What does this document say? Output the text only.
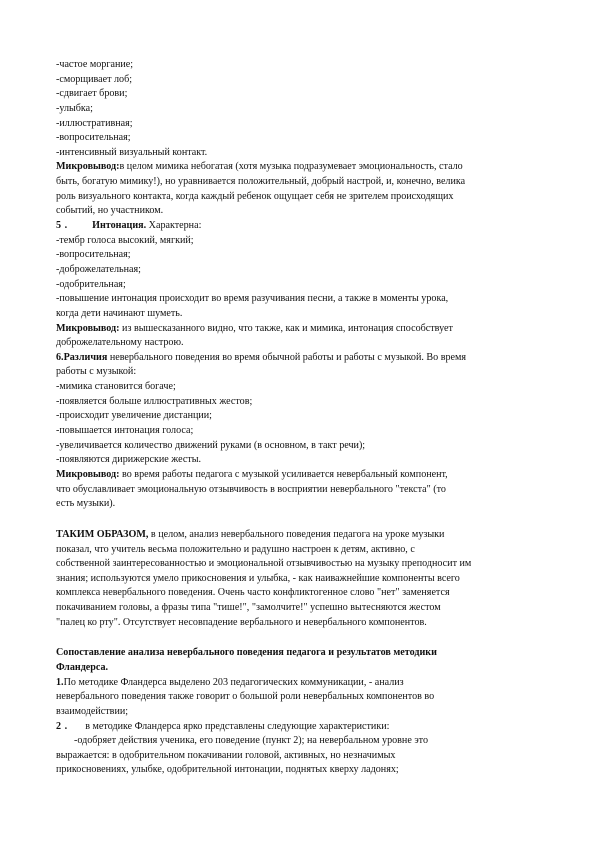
-частое моргание;
-сморщивает лоб;
-сдвигает брови;
-улыбка;
-иллюстративная;
-вопросительная;
-интенсивный визуальный контакт.
Микровывод:в целом мимика небогатая (хотя музыка подразумевает эмоциональность, стало
быть, богатую мимику!), но уравнивается положительный, добрый настрой, и, конечно, велика
роль визуального контакта, когда каждый ребенок ощущает себя не зрителем происходящих
событий, но участником.
5 . Интонация. Характерна:
-тембр голоса высокий, мягкий;
-вопросительная;
-доброжелательная;
-одобрительная;
-повышение интонация происходит во время разучивания песни, а также в моменты урока,
когда дети начинают шуметь.
Микровывод: из вышесказанного видно, что также, как и мимика, интонация способствует
доброжелательному настрою.
6.Различия невербального поведения во время обычной работы и работы с музыкой. Во время
работы с музыкой:
-мимика становится богаче;
-появляется больше иллюстративных жестов;
-происходит увеличение дистанции;
-повышается интонация голоса;
-увеличивается количество движений руками (в основном, в такт речи);
-появляются дирижерские жесты.
Микровывод: во время работы педагога с музыкой усиливается невербальный компонент,
что обуславливает эмоциональную отзывчивость в восприятии невербального "текста" (то
есть музыки).
ТАКИМ ОБРАЗОМ, в целом, анализ невербального поведения педагога на уроке музыки
показал, что учитель весьма положительно и радушно настроен к детям, активно, с
собственной заинтересованностью и эмоциональной отзывчивостью на музыку преподносит им
знания; используются умело прикосновения и улыбка, - как наиважнейшие компоненты всего
комплекса невербального поведения. Очень часто конфликтогенное слово "нет" заменяется
покачиванием головы, а фразы типа "тише!", "замолчите!" успешно вытесняются жестом
"палец ко рту". Отсутствует несовпадение вербального и невербального компонентов.
Сопоставление анализа невербального поведения педагога и результатов методики
Фландерса.
1.По методике Фландерса выделено 203 педагогических коммуникации, - анализ
невербального поведения также говорит о большой роли невербальных компонентов во
взаимодействии;
2 .       в методике Фландерса ярко представлены следующие характеристики:
-одобряет действия ученика, его поведение (пункт 2); на невербальном уровне это
выражается: в одобрительном покачивании головой, активных, но незначимых
прикосновениях, улыбке, одобрительной интонации, поднятых кверху ладонях;
